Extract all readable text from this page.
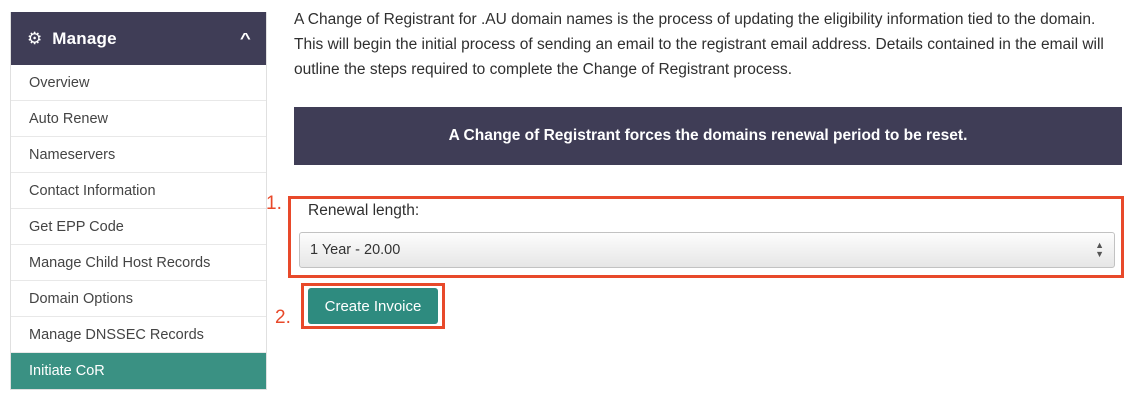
⚙ Manage	^
Overview
Auto Renew
Nameservers
Contact Information
Get EPP Code
Manage Child Host Records
Domain Options
Manage DNSSEC Records
Initiate CoR

A Change of Registrant for .AU domain names is the process of updating the eligibility information tied to the domain. This will begin the initial process of sending an email to the registrant email address. Details contained in the email will outline the steps required to complete the Change of Registrant process.

A Change of Registrant forces the domains renewal period to be reset.
Renewal length:
1 Year - 20.00	▲
▼
1.
Create Invoice
2.
